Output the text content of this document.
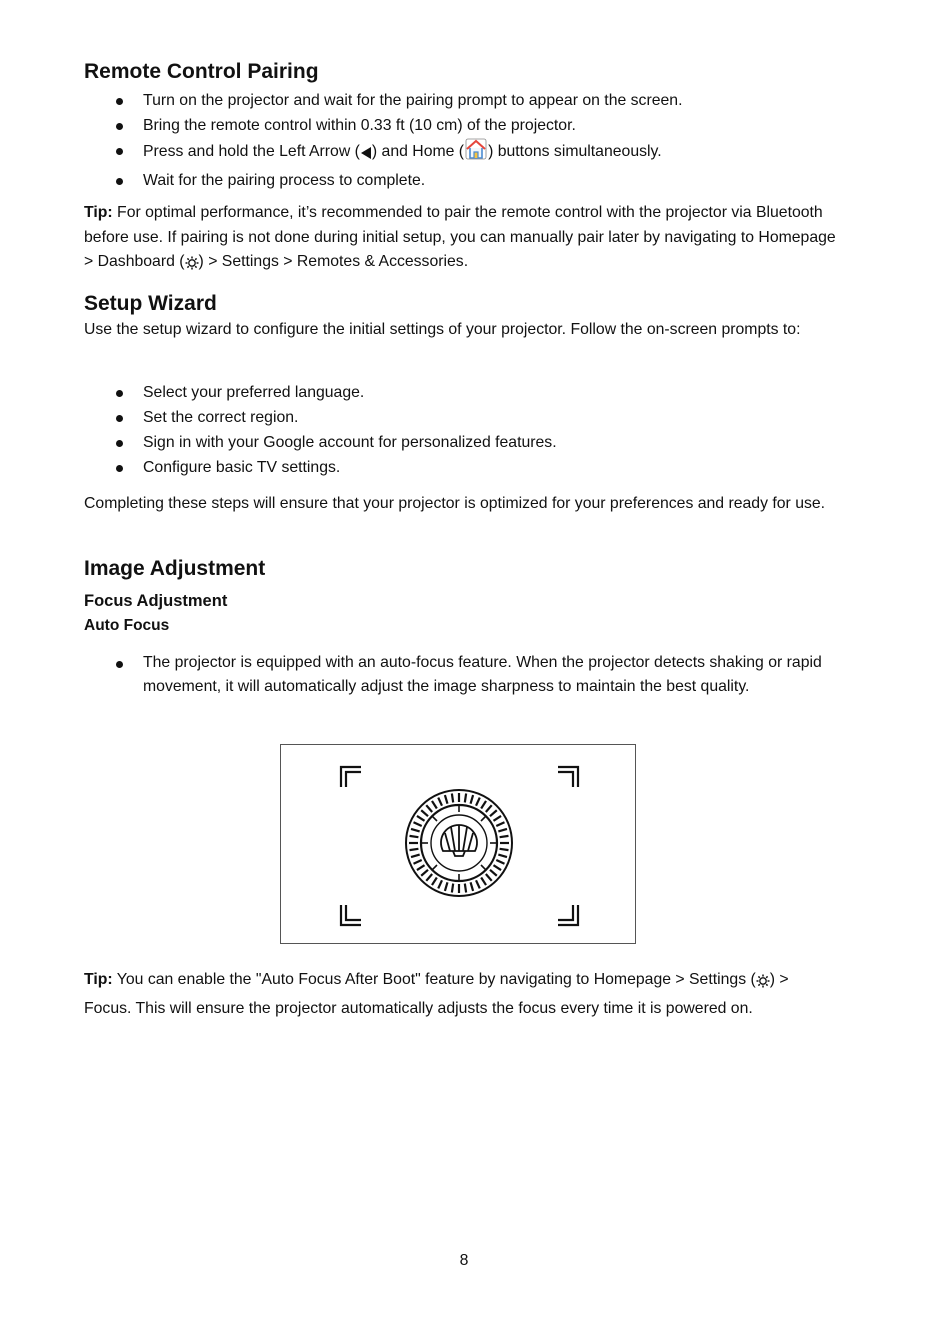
Remote Control Pairing
Turn on the projector and wait for the pairing prompt to appear on the screen.
Bring the remote control within 0.33 ft (10 cm) of the projector.
Press and hold the Left Arrow ( ) and Home ( ) buttons simultaneously.
Wait for the pairing process to complete.

Tip: For optimal performance, it’s recommended to pair the remote control with the projector via Bluetooth before use. If pairing is not done during initial setup, you can manually pair later by navigating to Homepage > Dashboard ( ) > Settings > Remotes & Accessories.

Setup Wizard

Use the setup wizard to configure the initial settings of your projector. Follow the on-screen prompts to:

Select your preferred language.
Set the correct region.
Sign in with your Google account for personalized features.
Configure basic TV settings.

Completing these steps will ensure that your projector is optimized for your preferences and ready for use.

Image Adjustment
Focus Adjustment
Auto Focus
The projector is equipped with an auto-focus feature. When the projector detects shaking or rapid movement, it will automatically adjust the image sharpness to maintain the best quality.

Tip: You can enable the "Auto Focus After Boot" feature by navigating to Homepage > Settings ( ) > Focus. This will ensure the projector automatically adjusts the focus every time it is powered on.

8
